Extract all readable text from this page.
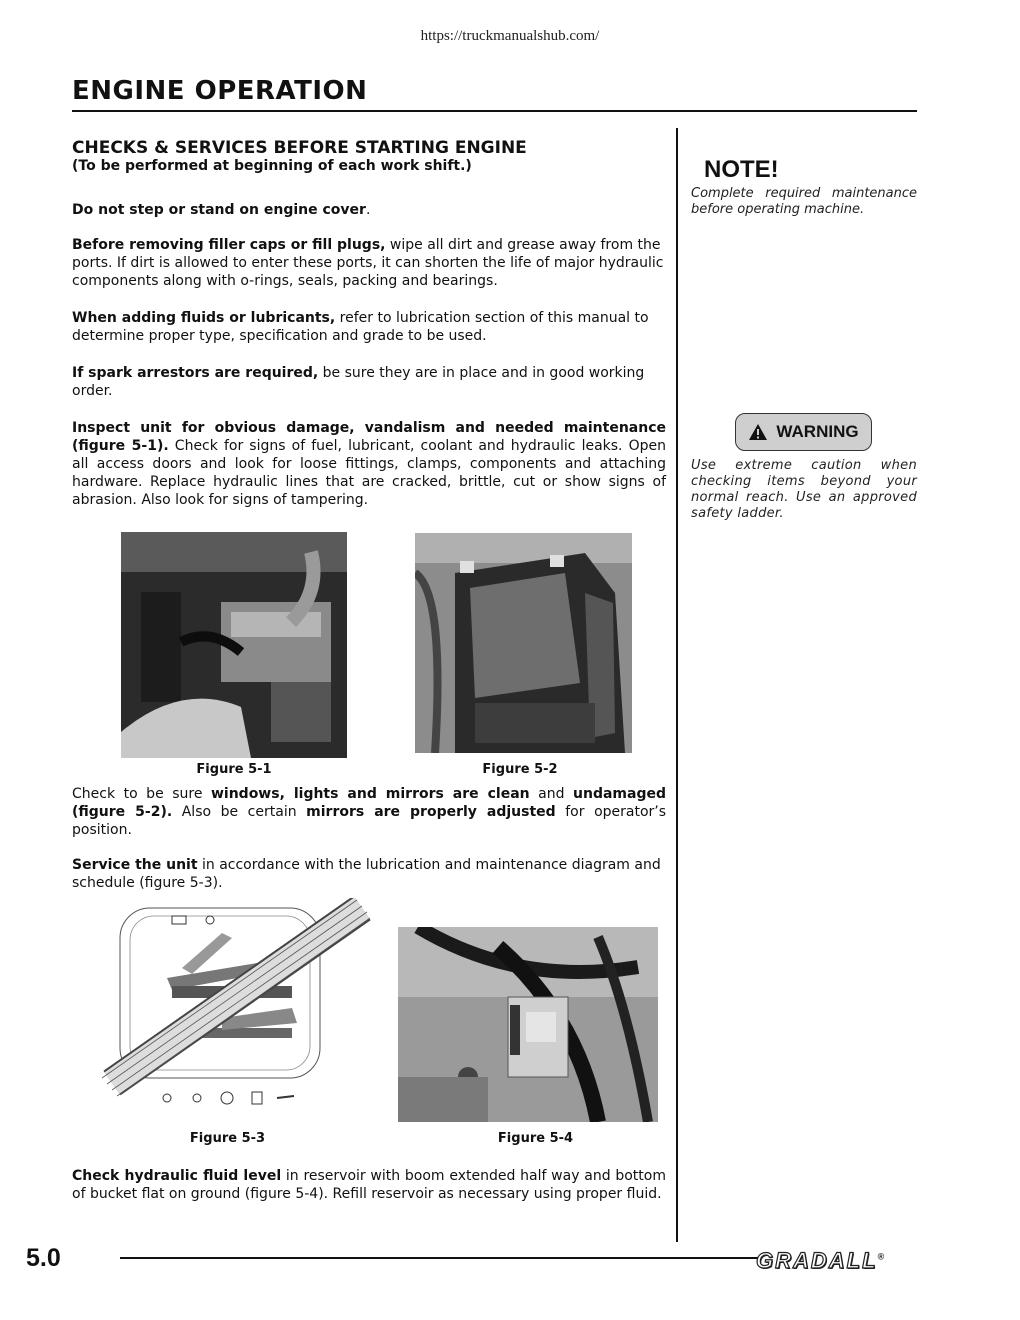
https://truckmanualshub.com/
ENGINE OPERATION
CHECKS & SERVICES BEFORE STARTING ENGINE
(To be performed at beginning of each work shift.)

Do not step or stand on engine cover.

Before removing filler caps or fill plugs, wipe all dirt and grease away from the ports. If dirt is allowed to enter these ports, it can shorten the life of major hydraulic components along with o-rings, seals, packing and bearings.

When adding fluids or lubricants, refer to lubrication section of this manual to determine proper type, specification and grade to be used.

If spark arrestors are required, be sure they are in place and in good working order.

Inspect unit for obvious damage, vandalism and needed maintenance (figure 5-1). Check for signs of fuel, lubricant, coolant and hydraulic leaks. Open all access doors and look for loose fittings, clamps, components and attaching hardware. Replace hydraulic lines that are cracked, brittle, cut or show signs of abrasion. Also look for signs of tampering.

Figure 5-1	Figure 5-2

Check to be sure windows, lights and mirrors are clean and undamaged (figure 5-2). Also be certain mirrors are properly adjusted for operator’s position.

Service the unit in accordance with the lubrication and maintenance diagram and schedule (figure 5-3).

Figure 5-3	Figure 5-4

Check hydraulic fluid level in reservoir with boom extended half way and bottom of bucket flat on ground (figure 5-4). Refill reservoir as necessary using proper fluid.

NOTE!
Complete required maintenance before operating machine.
WARNING
Use extreme caution when checking items beyond your normal reach. Use an approved safety ladder.
5.0	GRADALL®
